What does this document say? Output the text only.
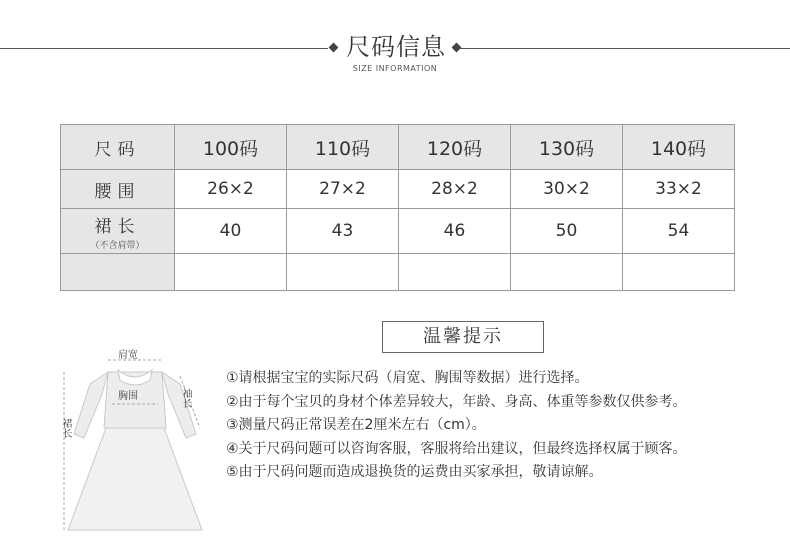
尺码信息
SIZE INFORMATION
尺码	100码	110码	120码	130码	140码

腰围	26×2	27×2	28×2	30×2	33×2

裙长
（不含肩带）	40	43	46	50	54

肩宽
胸围	袖长
裙长
温馨提示
①请根据宝宝的实际尺码（肩宽、胸围等数据）进行选择。
②由于每个宝贝的身材个体差异较大，年龄、身高、体重等参数仅供参考。
③测量尺码正常误差在2厘米左右（cm）。
④关于尺码问题可以咨询客服，客服将给出建议，但最终选择权属于顾客。
⑤由于尺码问题而造成退换货的运费由买家承担，敬请谅解。
